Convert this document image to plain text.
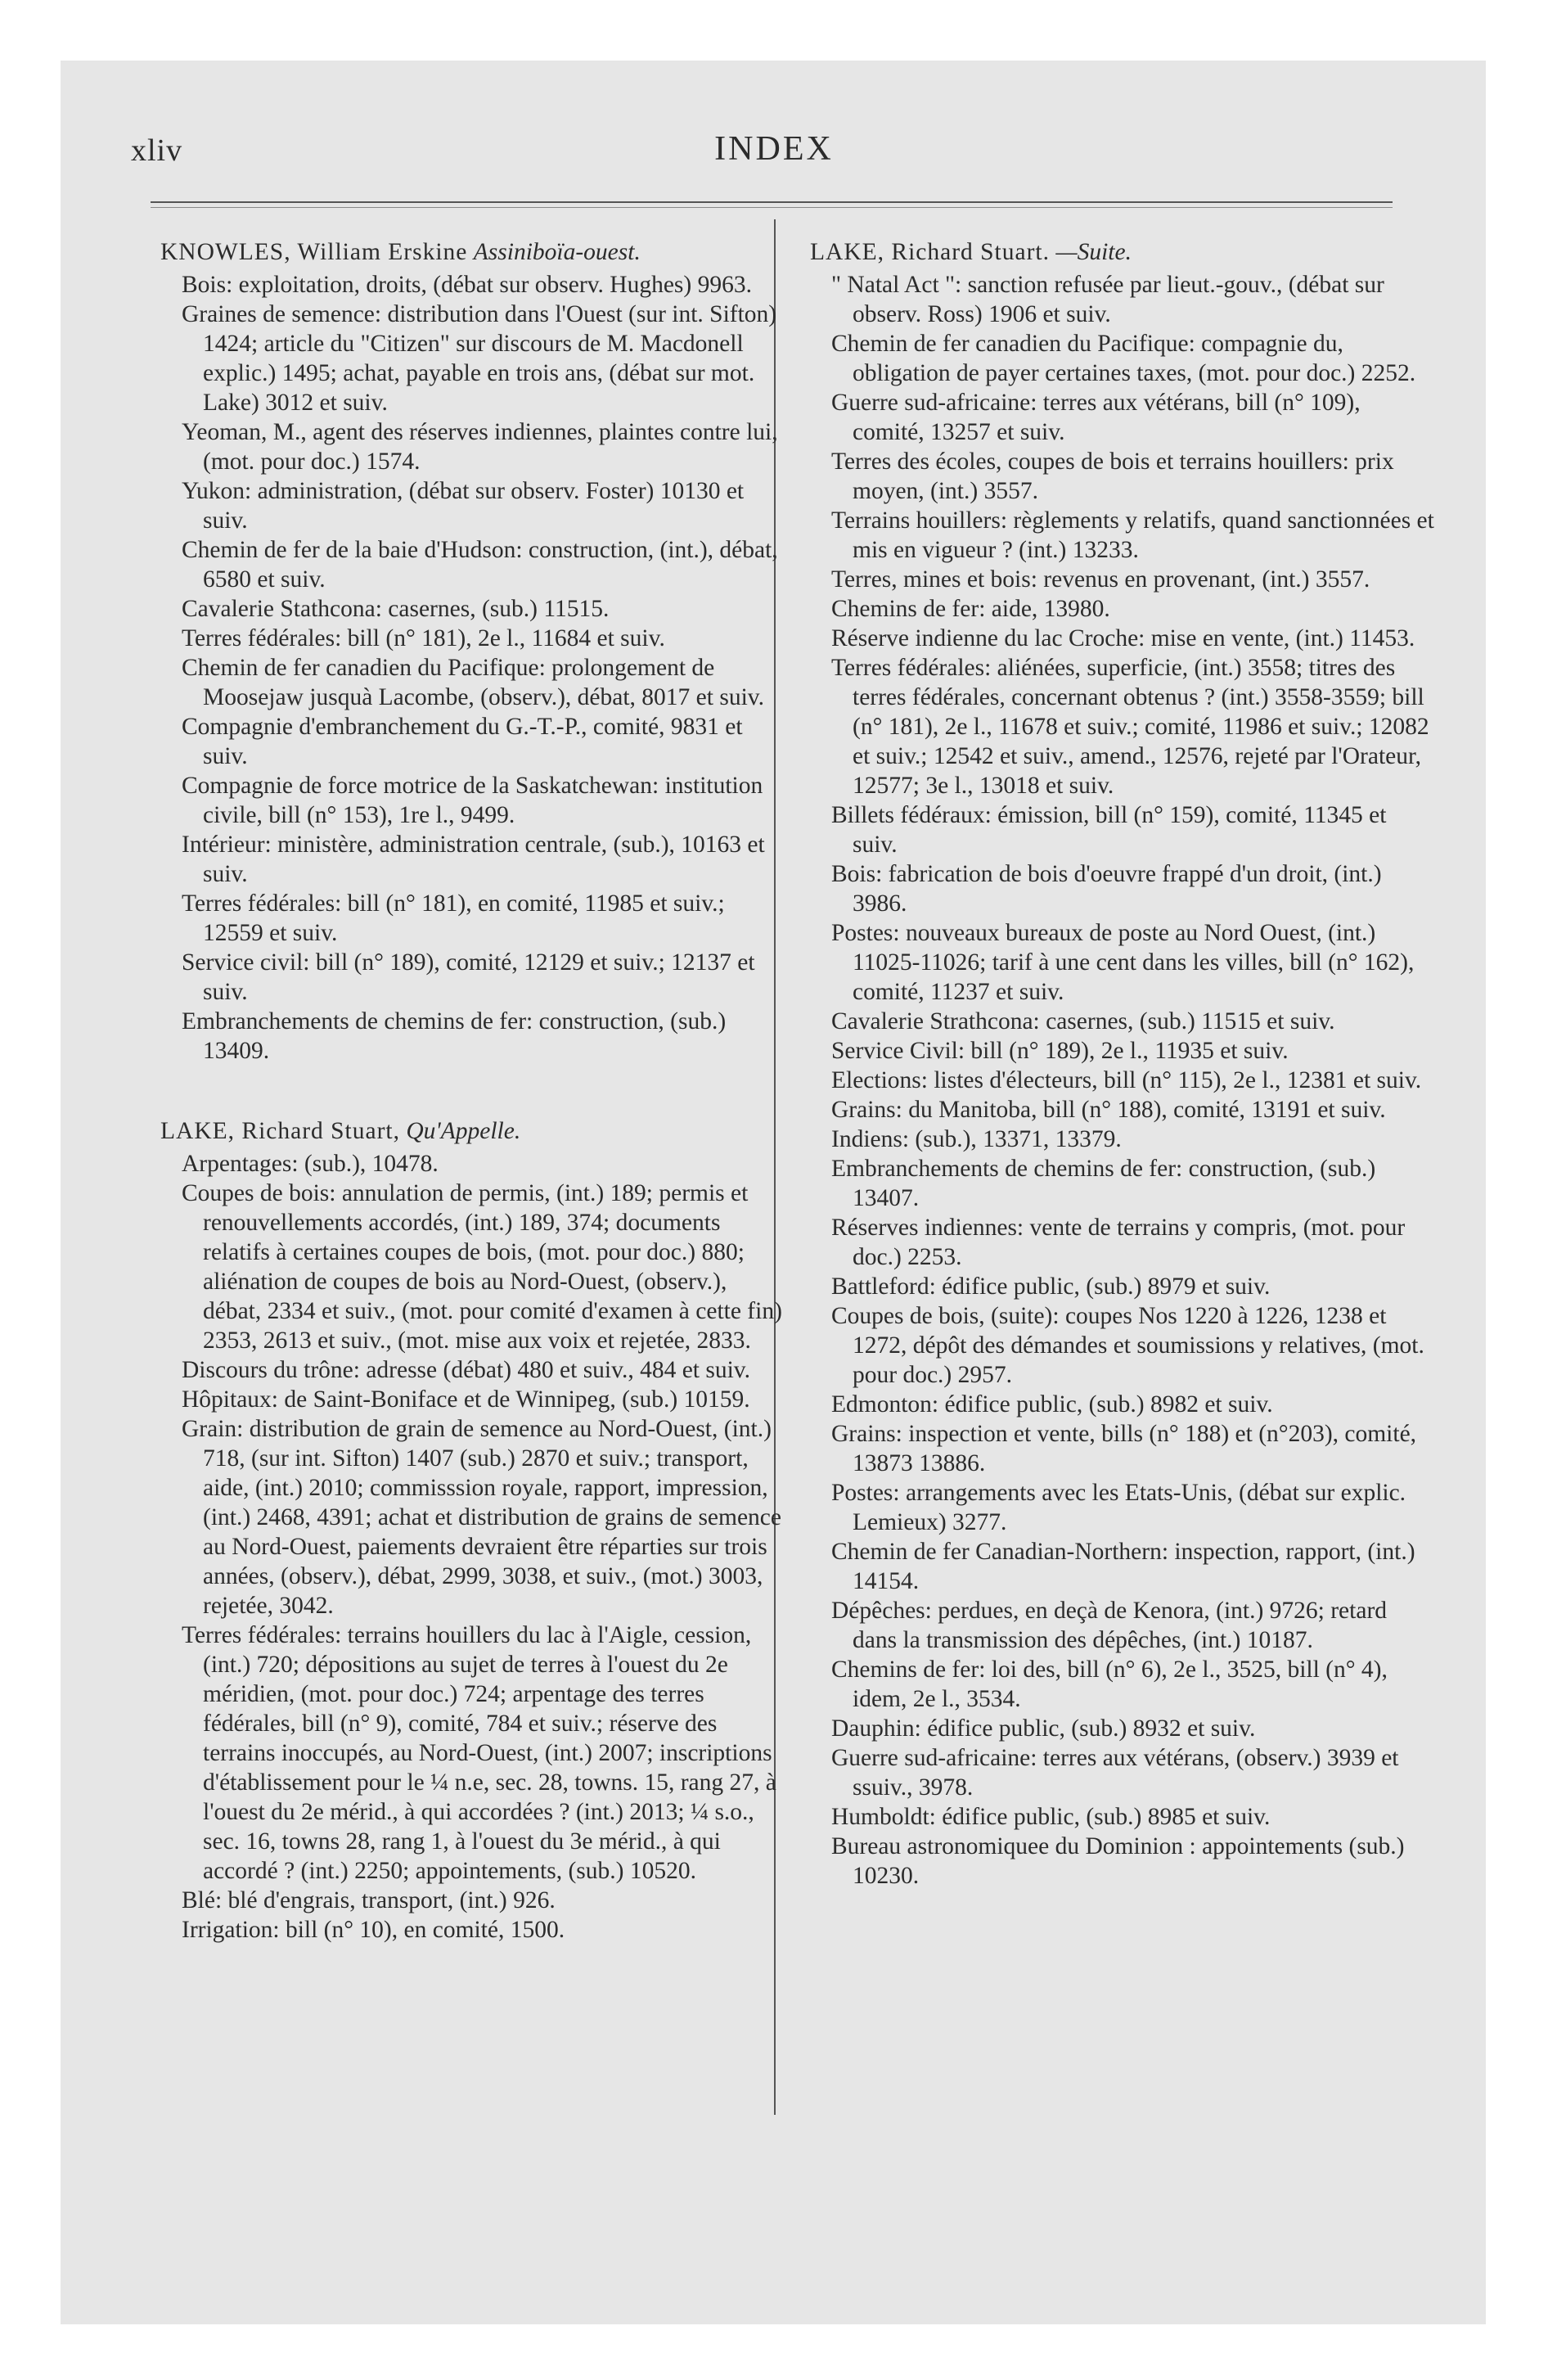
xliv	INDEX

KNOWLES, William Erskine Assiniboïa-ouest.

Bois: exploitation, droits, (débat sur observ. Hughes) 9963.

Graines de semence: distribution dans l'Ouest (sur int. Sifton) 1424; article du "Citizen" sur discours de M. Macdonell explic.) 1495; achat, payable en trois ans, (débat sur mot. Lake) 3012 et suiv.

Yeoman, M., agent des réserves indiennes, plaintes contre lui, (mot. pour doc.) 1574.

Yukon: administration, (débat sur observ. Foster) 10130 et suiv.

Chemin de fer de la baie d'Hudson: construction, (int.), débat, 6580 et suiv.

Cavalerie Stathcona: casernes, (sub.) 11515.

Terres fédérales: bill (n° 181), 2e l., 11684 et suiv.

Chemin de fer canadien du Pacifique: prolongement de Moosejaw jusquà Lacombe, (observ.), débat, 8017 et suiv.

Compagnie d'embranchement du G.-T.-P., comité, 9831 et suiv.

Compagnie de force motrice de la Saskatchewan: institution civile, bill (n° 153), 1re l., 9499.

Intérieur: ministère, administration centrale, (sub.), 10163 et suiv.

Terres fédérales: bill (n° 181), en comité, 11985 et suiv.; 12559 et suiv.

Service civil: bill (n° 189), comité, 12129 et suiv.; 12137 et suiv.

Embranchements de chemins de fer: construction, (sub.) 13409.

LAKE, Richard Stuart, Qu'Appelle.

Arpentages: (sub.), 10478.

Coupes de bois: annulation de permis, (int.) 189; permis et renouvellements accordés, (int.) 189, 374; documents relatifs à certaines coupes de bois, (mot. pour doc.) 880; aliénation de coupes de bois au Nord-Ouest, (observ.), débat, 2334 et suiv., (mot. pour comité d'examen à cette fin) 2353, 2613 et suiv., (mot. mise aux voix et rejetée, 2833.

Discours du trône: adresse (débat) 480 et suiv., 484 et suiv.

Hôpitaux: de Saint-Boniface et de Winnipeg, (sub.) 10159.

Grain: distribution de grain de semence au Nord-Ouest, (int.) 718, (sur int. Sifton) 1407 (sub.) 2870 et suiv.; transport, aide, (int.) 2010; commisssion royale, rapport, impression, (int.) 2468, 4391; achat et distribution de grains de semence au Nord-Ouest, paiements devraient être réparties sur trois années, (observ.), débat, 2999, 3038, et suiv., (mot.) 3003, rejetée, 3042.

Terres fédérales: terrains houillers du lac à l'Aigle, cession, (int.) 720; dépositions au sujet de terres à l'ouest du 2e méridien, (mot. pour doc.) 724; arpentage des terres fédérales, bill (n° 9), comité, 784 et suiv.; réserve des terrains inoccupés, au Nord-Ouest, (int.) 2007; inscriptions d'établissement pour le ¼ n.e, sec. 28, towns. 15, rang 27, à l'ouest du 2e mérid., à qui accordées ? (int.) 2013; ¼ s.o., sec. 16, towns 28, rang 1, à l'ouest du 3e mérid., à qui accordé ? (int.) 2250; appointements, (sub.) 10520.

Blé: blé d'engrais, transport, (int.) 926.

Irrigation: bill (n° 10), en comité, 1500.

LAKE, Richard Stuart. —Suite.

" Natal Act ": sanction refusée par lieut.-gouv., (débat sur observ. Ross) 1906 et suiv.

Chemin de fer canadien du Pacifique: compagnie du, obligation de payer certaines taxes, (mot. pour doc.) 2252.

Guerre sud-africaine: terres aux vétérans, bill (n° 109), comité, 13257 et suiv.

Terres des écoles, coupes de bois et terrains houillers: prix moyen, (int.) 3557.

Terrains houillers: règlements y relatifs, quand sanctionnées et mis en vigueur ? (int.) 13233.

Terres, mines et bois: revenus en provenant, (int.) 3557.

Chemins de fer: aide, 13980.

Réserve indienne du lac Croche: mise en vente, (int.) 11453.

Terres fédérales: aliénées, superficie, (int.) 3558; titres des terres fédérales, concernant obtenus ? (int.) 3558-3559; bill (n° 181), 2e l., 11678 et suiv.; comité, 11986 et suiv.; 12082 et suiv.; 12542 et suiv., amend., 12576, rejeté par l'Orateur, 12577; 3e l., 13018 et suiv.

Billets fédéraux: émission, bill (n° 159), comité, 11345 et suiv.

Bois: fabrication de bois d'oeuvre frappé d'un droit, (int.) 3986.

Postes: nouveaux bureaux de poste au Nord Ouest, (int.) 11025-11026; tarif à une cent dans les villes, bill (n° 162), comité, 11237 et suiv.

Cavalerie Strathcona: casernes, (sub.) 11515 et suiv.

Service Civil: bill (n° 189), 2e l., 11935 et suiv.

Elections: listes d'électeurs, bill (n° 115), 2e l., 12381 et suiv.

Grains: du Manitoba, bill (n° 188), comité, 13191 et suiv.

Indiens: (sub.), 13371, 13379.

Embranchements de chemins de fer: construction, (sub.) 13407.

Réserves indiennes: vente de terrains y compris, (mot. pour doc.) 2253.

Battleford: édifice public, (sub.) 8979 et suiv.

Coupes de bois, (suite): coupes Nos 1220 à 1226, 1238 et 1272, dépôt des démandes et soumissions y relatives, (mot. pour doc.) 2957.

Edmonton: édifice public, (sub.) 8982 et suiv.

Grains: inspection et vente, bills (n° 188) et (n°203), comité, 13873 13886.

Postes: arrangements avec les Etats-Unis, (débat sur explic. Lemieux) 3277.

Chemin de fer Canadian-Northern: inspection, rapport, (int.) 14154.

Dépêches: perdues, en deçà de Kenora, (int.) 9726; retard dans la transmission des dépêches, (int.) 10187.

Chemins de fer: loi des, bill (n° 6), 2e l., 3525, bill (n° 4), idem, 2e l., 3534.

Dauphin: édifice public, (sub.) 8932 et suiv.

Guerre sud-africaine: terres aux vétérans, (observ.) 3939 et ssuiv., 3978.

Humboldt: édifice public, (sub.) 8985 et suiv.

Bureau astronomiquee du Dominion : appointements (sub.) 10230.
